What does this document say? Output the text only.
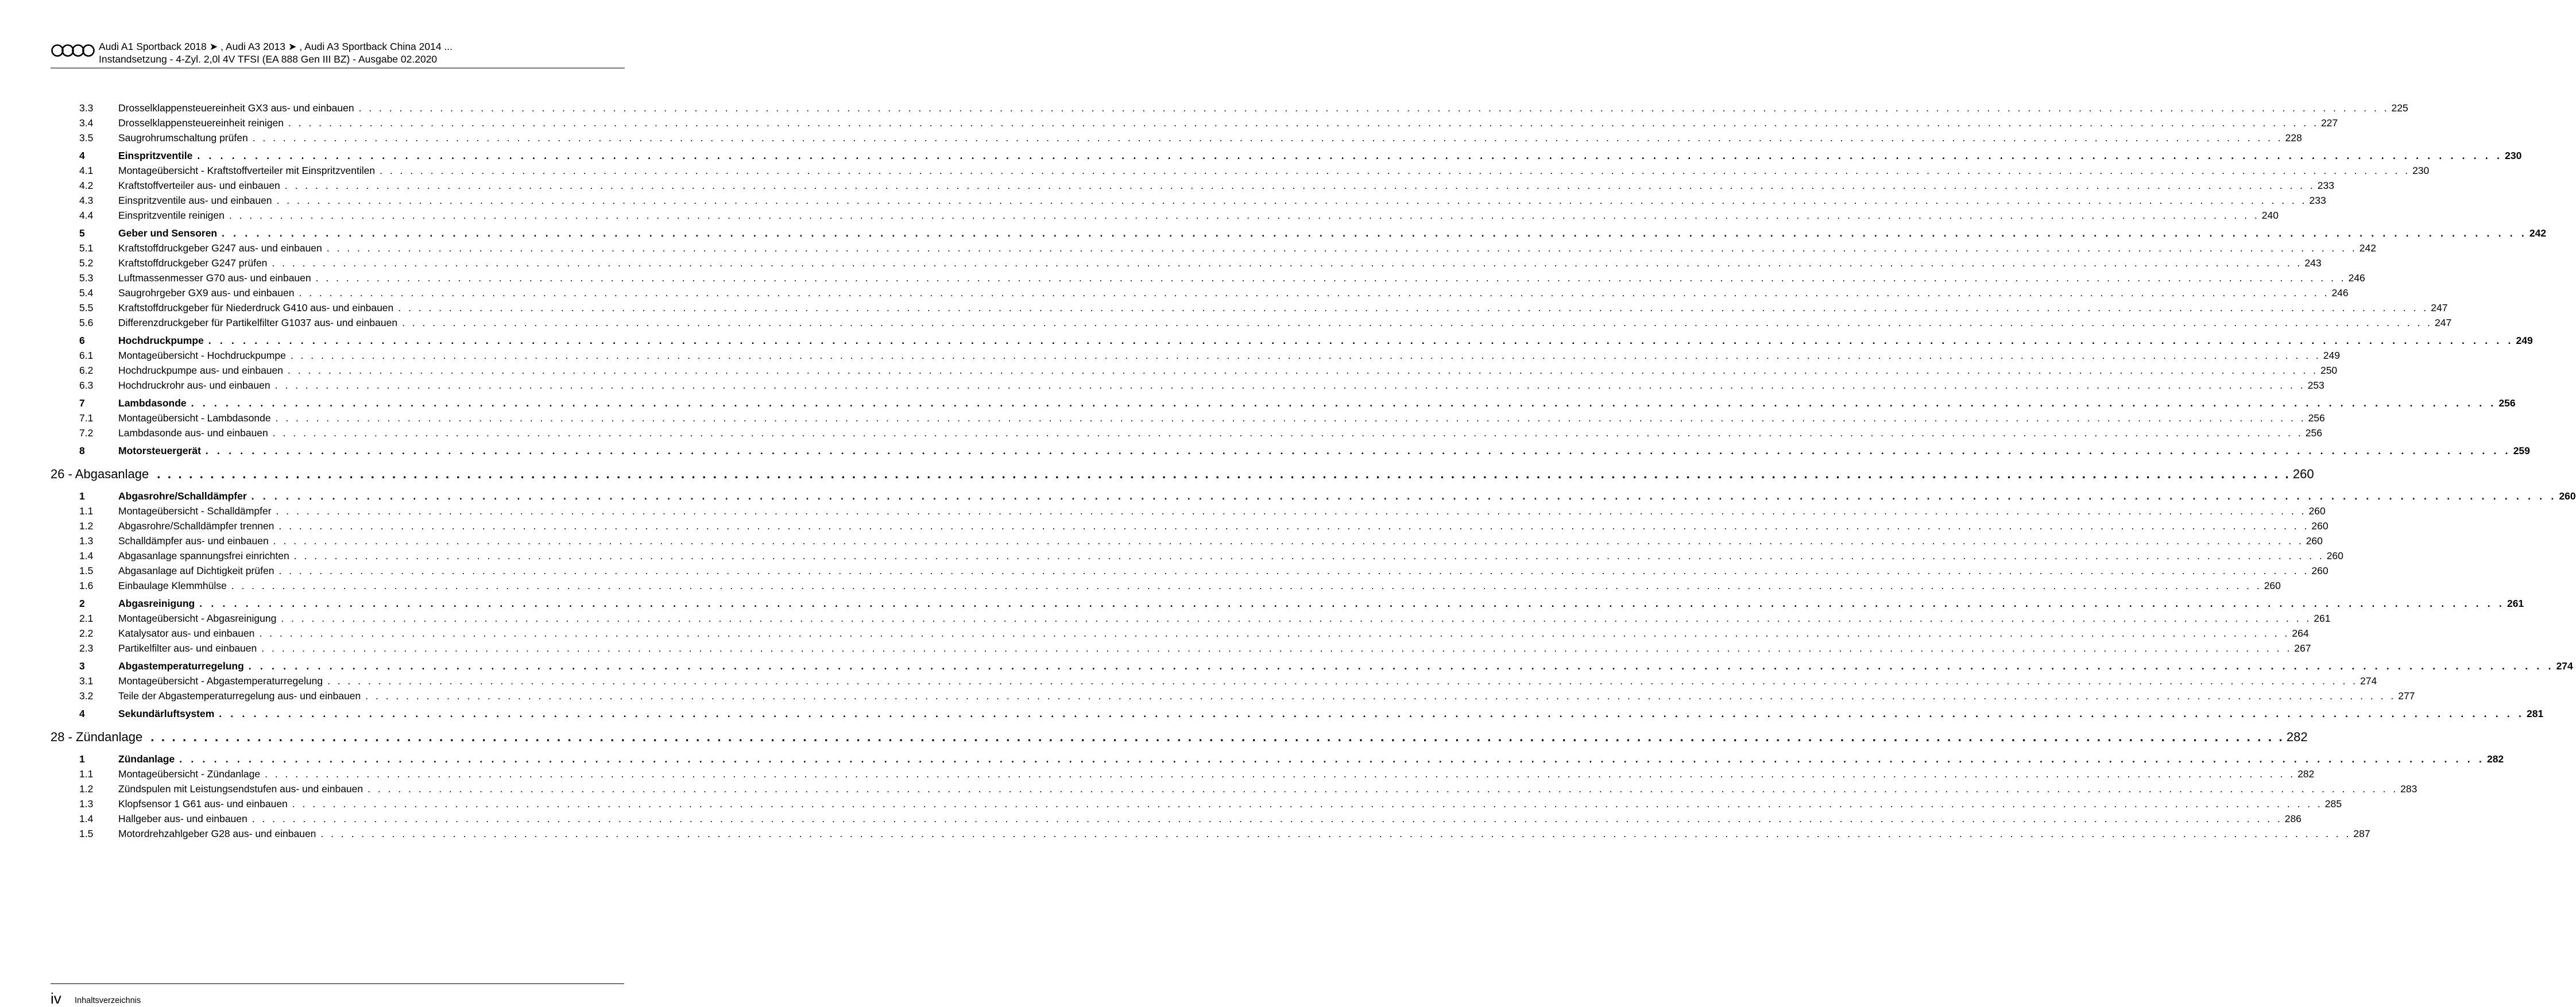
Audi A1 Sportback 2018 ➤ , Audi A3 2013 ➤ , Audi A3 Sportback China 2014 ...
Instandsetzung - 4-Zyl. 2,0l 4V TFSI (EA 888 Gen III BZ) - Ausgabe 02.2020
3.3 Drosselklappensteuereinheit GX3 aus- und einbauen . . . . . . . . . . . . . . . . . . . . . . . . . . . . . . . . . . . . . . . . . . . . . . . . . . . . . . . . . . . . . . . . . . . . . . . . . . . . . . . . . . . . . . . . . . . . . . . . . . . . . . . . . . . . . . . . . . . . . . . . . . . . . . . . . . . . . . . . . . . . . . . . . . . . . . . . . . . . . . . . . . . . . . . . . . . . . . . . . . . . . . . . . . . . . . . . . . . . . . . . 225
3.4 Drosselklappensteuereinheit reinigen . . . . . . . . . . . . . . . . . . . . . . . . . . . . . . . . . . . . . . . . . . . . . . . . . . . . . . . . . . . . . . . . . . . . . . . . . . . . . . . . . . . . . . . . . . . . . . . . . . . . . . . . . . . . . . . . . . . . . . . . . . . . . . . . . . . . . . . . . . . . . . . . . . . . . . . . . . . . . . . . . . . . . . . . . . . . . . . . . . . . . . . . . . . . . . . . . . . . . . . . 227
3.5 Saugrohrumschaltung prüfen . . . . . . . . . . . . . . . . . . . . . . . . . . . . . . . . . . . . . . . . . . . . . . . . . . . . . . . . . . . . . . . . . . . . . . . . . . . . . . . . . . . . . . . . . . . . . . . . . . . . . . . . . . . . . . . . . . . . . . . . . . . . . . . . . . . . . . . . . . . . . . . . . . . . . . . . . . . . . . . . . . . . . . . . . . . . . . . . . . . . . . . . . . . . . . . . . . . . . . . . 228
4	Einspritzventile . . . . . . . . . . . . . . . . . . . . . . . . . . . . . . . . . . . . . . . . . . . . . . . . . . . . . . . . . . . . . . . . . . . . . . . . . . . . . . . . . . . . . . . . . . . . . . . . . . . . . . . . . . . . . . . . . . . . . . . . . . . . . . . . . . . . . . . . . . . . . . . . . . . . . . . . . . . . . . . . . . . . . . . . . . . . . . . . . . . . . . . . . . . . . . . . . . . . . . . . 230
4.1 Montageübersicht - Kraftstoffverteiler mit Einspritzventilen . . . . . . . . . . . . . . . . . . . . . . . . . . . . . . . . . . . . . . . . . . . . . . . . . . . . . . . . . . . . . . . . . . . . . . . . . . . . . . . . . . . . . . . . . . . . . . . . . . . . . . . . . . . . . . . . . . . . . . . . . . . . . . . . . . . . . . . . . . . . . . . . . . . . . . . . . . . . . . . . . . . . . . . . . . . . . . . . . . . . . . . . . . . . . . . . . . . . . . . . 230
4.2 Kraftstoffverteiler aus- und einbauen . . . . . . . . . . . . . . . . . . . . . . . . . . . . . . . . . . . . . . . . . . . . . . . . . . . . . . . . . . . . . . . . . . . . . . . . . . . . . . . . . . . . . . . . . . . . . . . . . . . . . . . . . . . . . . . . . . . . . . . . . . . . . . . . . . . . . . . . . . . . . . . . . . . . . . . . . . . . . . . . . . . . . . . . . . . . . . . . . . . . . . . . . . . . . . . . . . . . . . . . 233
4.3 Einspritzventile aus- und einbauen . . . . . . . . . . . . . . . . . . . . . . . . . . . . . . . . . . . . . . . . . . . . . . . . . . . . . . . . . . . . . . . . . . . . . . . . . . . . . . . . . . . . . . . . . . . . . . . . . . . . . . . . . . . . . . . . . . . . . . . . . . . . . . . . . . . . . . . . . . . . . . . . . . . . . . . . . . . . . . . . . . . . . . . . . . . . . . . . . . . . . . . . . . . . . . . . . . . . . . . . 233
4.4 Einspritzventile reinigen . . . . . . . . . . . . . . . . . . . . . . . . . . . . . . . . . . . . . . . . . . . . . . . . . . . . . . . . . . . . . . . . . . . . . . . . . . . . . . . . . . . . . . . . . . . . . . . . . . . . . . . . . . . . . . . . . . . . . . . . . . . . . . . . . . . . . . . . . . . . . . . . . . . . . . . . . . . . . . . . . . . . . . . . . . . . . . . . . . . . . . . . . . . . . . . . . . . . . . . . 240
5	Geber und Sensoren . . . . . . . . . . . . . . . . . . . . . . . . . . . . . . . . . . . . . . . . . . . . . . . . . . . . . . . . . . . . . . . . . . . . . . . . . . . . . . . . . . . . . . . . . . . . . . . . . . . . . . . . . . . . . . . . . . . . . . . . . . . . . . . . . . . . . . . . . . . . . . . . . . . . . . . . . . . . . . . . . . . . . . . . . . . . . . . . . . . . . . . . . . . . . . . . . . . . . . . . 242
5.1 Kraftstoffdruckgeber G247 aus- und einbauen . . . . . . . . . . . . . . . . . . . . . . . . . . . . . . . . . . . . . . . . . . . . . . . . . . . . . . . . . . . . . . . . . . . . . . . . . . . . . . . . . . . . . . . . . . . . . . . . . . . . . . . . . . . . . . . . . . . . . . . . . . . . . . . . . . . . . . . . . . . . . . . . . . . . . . . . . . . . . . . . . . . . . . . . . . . . . . . . . . . . . . . . . . . . . . . . . . . . . . . . 242
5.2 Kraftstoffdruckgeber G247 prüfen . . . . . . . . . . . . . . . . . . . . . . . . . . . . . . . . . . . . . . . . . . . . . . . . . . . . . . . . . . . . . . . . . . . . . . . . . . . . . . . . . . . . . . . . . . . . . . . . . . . . . . . . . . . . . . . . . . . . . . . . . . . . . . . . . . . . . . . . . . . . . . . . . . . . . . . . . . . . . . . . . . . . . . . . . . . . . . . . . . . . . . . . . . . . . . . . . . . . . . . . 243
5.3 Luftmassenmesser G70 aus- und einbauen . . . . . . . . . . . . . . . . . . . . . . . . . . . . . . . . . . . . . . . . . . . . . . . . . . . . . . . . . . . . . . . . . . . . . . . . . . . . . . . . . . . . . . . . . . . . . . . . . . . . . . . . . . . . . . . . . . . . . . . . . . . . . . . . . . . . . . . . . . . . . . . . . . . . . . . . . . . . . . . . . . . . . . . . . . . . . . . . . . . . . . . . . . . . . . . . . . . . . . . . 246
5.4 Saugrohrgeber GX9 aus- und einbauen . . . . . . . . . . . . . . . . . . . . . . . . . . . . . . . . . . . . . . . . . . . . . . . . . . . . . . . . . . . . . . . . . . . . . . . . . . . . . . . . . . . . . . . . . . . . . . . . . . . . . . . . . . . . . . . . . . . . . . . . . . . . . . . . . . . . . . . . . . . . . . . . . . . . . . . . . . . . . . . . . . . . . . . . . . . . . . . . . . . . . . . . . . . . . . . . . . . . . . . . 246
5.5 Kraftstoffdruckgeber für Niederdruck G410 aus- und einbauen . . . . . . . . . . . . . . . . . . . . . . . . . . . . . . . . . . . . . . . . . . . . . . . . . . . . . . . . . . . . . . . . . . . . . . . . . . . . . . . . . . . . . . . . . . . . . . . . . . . . . . . . . . . . . . . . . . . . . . . . . . . . . . . . . . . . . . . . . . . . . . . . . . . . . . . . . . . . . . . . . . . . . . . . . . . . . . . . . . . . . . . . . . . . . . . . . . . . . . . . 247
5.6 Differenzdruckgeber für Partikelfilter G1037 aus- und einbauen . . . . . . . . . . . . . . . . . . . . . . . . . . . . . . . . . . . . . . . . . . . . . . . . . . . . . . . . . . . . . . . . . . . . . . . . . . . . . . . . . . . . . . . . . . . . . . . . . . . . . . . . . . . . . . . . . . . . . . . . . . . . . . . . . . . . . . . . . . . . . . . . . . . . . . . . . . . . . . . . . . . . . . . . . . . . . . . . . . . . . . . . . . . . . . . . . . . . . . . . 247
6	Hochdruckpumpe . . . . . . . . . . . . . . . . . . . . . . . . . . . . . . . . . . . . . . . . . . . . . . . . . . . . . . . . . . . . . . . . . . . . . . . . . . . . . . . . . . . . . . . . . . . . . . . . . . . . . . . . . . . . . . . . . . . . . . . . . . . . . . . . . . . . . . . . . . . . . . . . . . . . . . . . . . . . . . . . . . . . . . . . . . . . . . . . . . . . . . . . . . . . . . . . . . . . . . . . 249
6.1 Montageübersicht - Hochdruckpumpe . . . . . . . . . . . . . . . . . . . . . . . . . . . . . . . . . . . . . . . . . . . . . . . . . . . . . . . . . . . . . . . . . . . . . . . . . . . . . . . . . . . . . . . . . . . . . . . . . . . . . . . . . . . . . . . . . . . . . . . . . . . . . . . . . . . . . . . . . . . . . . . . . . . . . . . . . . . . . . . . . . . . . . . . . . . . . . . . . . . . . . . . . . . . . . . . . . . . . . . . 249
6.2 Hochdruckpumpe aus- und einbauen . . . . . . . . . . . . . . . . . . . . . . . . . . . . . . . . . . . . . . . . . . . . . . . . . . . . . . . . . . . . . . . . . . . . . . . . . . . . . . . . . . . . . . . . . . . . . . . . . . . . . . . . . . . . . . . . . . . . . . . . . . . . . . . . . . . . . . . . . . . . . . . . . . . . . . . . . . . . . . . . . . . . . . . . . . . . . . . . . . . . . . . . . . . . . . . . . . . . . . . . 250
6.3 Hochdruckrohr aus- und einbauen . . . . . . . . . . . . . . . . . . . . . . . . . . . . . . . . . . . . . . . . . . . . . . . . . . . . . . . . . . . . . . . . . . . . . . . . . . . . . . . . . . . . . . . . . . . . . . . . . . . . . . . . . . . . . . . . . . . . . . . . . . . . . . . . . . . . . . . . . . . . . . . . . . . . . . . . . . . . . . . . . . . . . . . . . . . . . . . . . . . . . . . . . . . . . . . . . . . . . . . . 253
7	Lambdasonde . . . . . . . . . . . . . . . . . . . . . . . . . . . . . . . . . . . . . . . . . . . . . . . . . . . . . . . . . . . . . . . . . . . . . . . . . . . . . . . . . . . . . . . . . . . . . . . . . . . . . . . . . . . . . . . . . . . . . . . . . . . . . . . . . . . . . . . . . . . . . . . . . . . . . . . . . . . . . . . . . . . . . . . . . . . . . . . . . . . . . . . . . . . . . . . . . . . . . . . . 256
7.1 Montageübersicht - Lambdasonde . . . . . . . . . . . . . . . . . . . . . . . . . . . . . . . . . . . . . . . . . . . . . . . . . . . . . . . . . . . . . . . . . . . . . . . . . . . . . . . . . . . . . . . . . . . . . . . . . . . . . . . . . . . . . . . . . . . . . . . . . . . . . . . . . . . . . . . . . . . . . . . . . . . . . . . . . . . . . . . . . . . . . . . . . . . . . . . . . . . . . . . . . . . . . . . . . . . . . . . . 256
7.2 Lambdasonde aus- und einbauen . . . . . . . . . . . . . . . . . . . . . . . . . . . . . . . . . . . . . . . . . . . . . . . . . . . . . . . . . . . . . . . . . . . . . . . . . . . . . . . . . . . . . . . . . . . . . . . . . . . . . . . . . . . . . . . . . . . . . . . . . . . . . . . . . . . . . . . . . . . . . . . . . . . . . . . . . . . . . . . . . . . . . . . . . . . . . . . . . . . . . . . . . . . . . . . . . . . . . . . . 256
8	Motorsteuergerät . . . . . . . . . . . . . . . . . . . . . . . . . . . . . . . . . . . . . . . . . . . . . . . . . . . . . . . . . . . . . . . . . . . . . . . . . . . . . . . . . . . . . . . . . . . . . . . . . . . . . . . . . . . . . . . . . . . . . . . . . . . . . . . . . . . . . . . . . . . . . . . . . . . . . . . . . . . . . . . . . . . . . . . . . . . . . . . . . . . . . . . . . . . . . . . . . . . . . . . . 259
26 - Abgasanlage . . . . . . . . . . . . . . . . . . . . . . . . . . . . . . . . . . . . . . . . . . . . . . . . . . . . . . . . . . . . . . . . . . . . . . . . . . . . . . . . . . . . . . . . . . . . . . . . . . . . . . . . . . . . . . . . . . . . . . . . . . . . . . . . . . . . . . . . . . . . . . . . . . . . . . . . . . . . . . . . . . . . . . . . . . . . . . . . . . . . . . . . . . . . . . . . . . . . . . . . 260
1	Abgasrohre/Schalldämpfer . . . . . . . . . . . . . . . . . . . . . . . . . . . . . . . . . . . . . . . . . . . . . . . . . . . . . . . . . . . . . . . . . . . . . . . . . . . . . . . . . . . . . . . . . . . . . . . . . . . . . . . . . . . . . . . . . . . . . . . . . . . . . . . . . . . . . . . . . . . . . . . . . . . . . . . . . . . . . . . . . . . . . . . . . . . . . . . . . . . . . . . . . . . . . . . . . . . . . . . . 260
1.1 Montageübersicht - Schalldämpfer . . . . . . . . . . . . . . . . . . . . . . . . . . . . . . . . . . . . . . . . . . . . . . . . . . . . . . . . . . . . . . . . . . . . . . . . . . . . . . . . . . . . . . . . . . . . . . . . . . . . . . . . . . . . . . . . . . . . . . . . . . . . . . . . . . . . . . . . . . . . . . . . . . . . . . . . . . . . . . . . . . . . . . . . . . . . . . . . . . . . . . . . . . . . . . . . . . . . . . . . 260
1.2 Abgasrohre/Schalldämpfer trennen . . . . . . . . . . . . . . . . . . . . . . . . . . . . . . . . . . . . . . . . . . . . . . . . . . . . . . . . . . . . . . . . . . . . . . . . . . . . . . . . . . . . . . . . . . . . . . . . . . . . . . . . . . . . . . . . . . . . . . . . . . . . . . . . . . . . . . . . . . . . . . . . . . . . . . . . . . . . . . . . . . . . . . . . . . . . . . . . . . . . . . . . . . . . . . . . . . . . . . . . 260
1.3 Schalldämpfer aus- und einbauen . . . . . . . . . . . . . . . . . . . . . . . . . . . . . . . . . . . . . . . . . . . . . . . . . . . . . . . . . . . . . . . . . . . . . . . . . . . . . . . . . . . . . . . . . . . . . . . . . . . . . . . . . . . . . . . . . . . . . . . . . . . . . . . . . . . . . . . . . . . . . . . . . . . . . . . . . . . . . . . . . . . . . . . . . . . . . . . . . . . . . . . . . . . . . . . . . . . . . . . . 260
1.4 Abgasanlage spannungsfrei einrichten . . . . . . . . . . . . . . . . . . . . . . . . . . . . . . . . . . . . . . . . . . . . . . . . . . . . . . . . . . . . . . . . . . . . . . . . . . . . . . . . . . . . . . . . . . . . . . . . . . . . . . . . . . . . . . . . . . . . . . . . . . . . . . . . . . . . . . . . . . . . . . . . . . . . . . . . . . . . . . . . . . . . . . . . . . . . . . . . . . . . . . . . . . . . . . . . . . . . . . . . 260
1.5 Abgasanlage auf Dichtigkeit prüfen . . . . . . . . . . . . . . . . . . . . . . . . . . . . . . . . . . . . . . . . . . . . . . . . . . . . . . . . . . . . . . . . . . . . . . . . . . . . . . . . . . . . . . . . . . . . . . . . . . . . . . . . . . . . . . . . . . . . . . . . . . . . . . . . . . . . . . . . . . . . . . . . . . . . . . . . . . . . . . . . . . . . . . . . . . . . . . . . . . . . . . . . . . . . . . . . . . . . . . . . 260
1.6 Einbaulage Klemmhülse . . . . . . . . . . . . . . . . . . . . . . . . . . . . . . . . . . . . . . . . . . . . . . . . . . . . . . . . . . . . . . . . . . . . . . . . . . . . . . . . . . . . . . . . . . . . . . . . . . . . . . . . . . . . . . . . . . . . . . . . . . . . . . . . . . . . . . . . . . . . . . . . . . . . . . . . . . . . . . . . . . . . . . . . . . . . . . . . . . . . . . . . . . . . . . . . . . . . . . . . 260
2	Abgasreinigung . . . . . . . . . . . . . . . . . . . . . . . . . . . . . . . . . . . . . . . . . . . . . . . . . . . . . . . . . . . . . . . . . . . . . . . . . . . . . . . . . . . . . . . . . . . . . . . . . . . . . . . . . . . . . . . . . . . . . . . . . . . . . . . . . . . . . . . . . . . . . . . . . . . . . . . . . . . . . . . . . . . . . . . . . . . . . . . . . . . . . . . . . . . . . . . . . . . . . . . . 261
2.1 Montageübersicht - Abgasreinigung . . . . . . . . . . . . . . . . . . . . . . . . . . . . . . . . . . . . . . . . . . . . . . . . . . . . . . . . . . . . . . . . . . . . . . . . . . . . . . . . . . . . . . . . . . . . . . . . . . . . . . . . . . . . . . . . . . . . . . . . . . . . . . . . . . . . . . . . . . . . . . . . . . . . . . . . . . . . . . . . . . . . . . . . . . . . . . . . . . . . . . . . . . . . . . . . . . . . . . . . 261
2.2 Katalysator aus- und einbauen . . . . . . . . . . . . . . . . . . . . . . . . . . . . . . . . . . . . . . . . . . . . . . . . . . . . . . . . . . . . . . . . . . . . . . . . . . . . . . . . . . . . . . . . . . . . . . . . . . . . . . . . . . . . . . . . . . . . . . . . . . . . . . . . . . . . . . . . . . . . . . . . . . . . . . . . . . . . . . . . . . . . . . . . . . . . . . . . . . . . . . . . . . . . . . . . . . . . . . . . 264
2.3 Partikelfilter aus- und einbauen . . . . . . . . . . . . . . . . . . . . . . . . . . . . . . . . . . . . . . . . . . . . . . . . . . . . . . . . . . . . . . . . . . . . . . . . . . . . . . . . . . . . . . . . . . . . . . . . . . . . . . . . . . . . . . . . . . . . . . . . . . . . . . . . . . . . . . . . . . . . . . . . . . . . . . . . . . . . . . . . . . . . . . . . . . . . . . . . . . . . . . . . . . . . . . . . . . . . . . . . 267
3	Abgastemperaturregelung . . . . . . . . . . . . . . . . . . . . . . . . . . . . . . . . . . . . . . . . . . . . . . . . . . . . . . . . . . . . . . . . . . . . . . . . . . . . . . . . . . . . . . . . . . . . . . . . . . . . . . . . . . . . . . . . . . . . . . . . . . . . . . . . . . . . . . . . . . . . . . . . . . . . . . . . . . . . . . . . . . . . . . . . . . . . . . . . . . . . . . . . . . . . . . . . . . . . . . . . 274
3.1 Montageübersicht - Abgastemperaturregelung . . . . . . . . . . . . . . . . . . . . . . . . . . . . . . . . . . . . . . . . . . . . . . . . . . . . . . . . . . . . . . . . . . . . . . . . . . . . . . . . . . . . . . . . . . . . . . . . . . . . . . . . . . . . . . . . . . . . . . . . . . . . . . . . . . . . . . . . . . . . . . . . . . . . . . . . . . . . . . . . . . . . . . . . . . . . . . . . . . . . . . . . . . . . . . . . . . . . . . . . 274
3.2 Teile der Abgastemperaturregelung aus- und einbauen . . . . . . . . . . . . . . . . . . . . . . . . . . . . . . . . . . . . . . . . . . . . . . . . . . . . . . . . . . . . . . . . . . . . . . . . . . . . . . . . . . . . . . . . . . . . . . . . . . . . . . . . . . . . . . . . . . . . . . . . . . . . . . . . . . . . . . . . . . . . . . . . . . . . . . . . . . . . . . . . . . . . . . . . . . . . . . . . . . . . . . . . . . . . . . . . . . . . . . . . 277
4	Sekundärluftsystem . . . . . . . . . . . . . . . . . . . . . . . . . . . . . . . . . . . . . . . . . . . . . . . . . . . . . . . . . . . . . . . . . . . . . . . . . . . . . . . . . . . . . . . . . . . . . . . . . . . . . . . . . . . . . . . . . . . . . . . . . . . . . . . . . . . . . . . . . . . . . . . . . . . . . . . . . . . . . . . . . . . . . . . . . . . . . . . . . . . . . . . . . . . . . . . . . . . . . . . . 281
28 - Zündanlage . . . . . . . . . . . . . . . . . . . . . . . . . . . . . . . . . . . . . . . . . . . . . . . . . . . . . . . . . . . . . . . . . . . . . . . . . . . . . . . . . . . . . . . . . . . . . . . . . . . . . . . . . . . . . . . . . . . . . . . . . . . . . . . . . . . . . . . . . . . . . . . . . . . . . . . . . . . . . . . . . . . . . . . . . . . . . . . . . . . . . . . . . . . . . . . . . . . . . . . . 282
1	Zündanlage . . . . . . . . . . . . . . . . . . . . . . . . . . . . . . . . . . . . . . . . . . . . . . . . . . . . . . . . . . . . . . . . . . . . . . . . . . . . . . . . . . . . . . . . . . . . . . . . . . . . . . . . . . . . . . . . . . . . . . . . . . . . . . . . . . . . . . . . . . . . . . . . . . . . . . . . . . . . . . . . . . . . . . . . . . . . . . . . . . . . . . . . . . . . . . . . . . . . . . . . 282
1.1 Montageübersicht - Zündanlage . . . . . . . . . . . . . . . . . . . . . . . . . . . . . . . . . . . . . . . . . . . . . . . . . . . . . . . . . . . . . . . . . . . . . . . . . . . . . . . . . . . . . . . . . . . . . . . . . . . . . . . . . . . . . . . . . . . . . . . . . . . . . . . . . . . . . . . . . . . . . . . . . . . . . . . . . . . . . . . . . . . . . . . . . . . . . . . . . . . . . . . . . . . . . . . . . . . . . . . . 282
1.2 Zündspulen mit Leistungsendstufen aus- und einbauen . . . . . . . . . . . . . . . . . . . . . . . . . . . . . . . . . . . . . . . . . . . . . . . . . . . . . . . . . . . . . . . . . . . . . . . . . . . . . . . . . . . . . . . . . . . . . . . . . . . . . . . . . . . . . . . . . . . . . . . . . . . . . . . . . . . . . . . . . . . . . . . . . . . . . . . . . . . . . . . . . . . . . . . . . . . . . . . . . . . . . . . . . . . . . . . . . . . . . . . . 283
1.3 Klopfsensor 1 G61 aus- und einbauen . . . . . . . . . . . . . . . . . . . . . . . . . . . . . . . . . . . . . . . . . . . . . . . . . . . . . . . . . . . . . . . . . . . . . . . . . . . . . . . . . . . . . . . . . . . . . . . . . . . . . . . . . . . . . . . . . . . . . . . . . . . . . . . . . . . . . . . . . . . . . . . . . . . . . . . . . . . . . . . . . . . . . . . . . . . . . . . . . . . . . . . . . . . . . . . . . . . . . . . . 285
1.4 Hallgeber aus- und einbauen . . . . . . . . . . . . . . . . . . . . . . . . . . . . . . . . . . . . . . . . . . . . . . . . . . . . . . . . . . . . . . . . . . . . . . . . . . . . . . . . . . . . . . . . . . . . . . . . . . . . . . . . . . . . . . . . . . . . . . . . . . . . . . . . . . . . . . . . . . . . . . . . . . . . . . . . . . . . . . . . . . . . . . . . . . . . . . . . . . . . . . . . . . . . . . . . . . . . . . . . 286
1.5 Motordrehzahlgeber G28 aus- und einbauen . . . . . . . . . . . . . . . . . . . . . . . . . . . . . . . . . . . . . . . . . . . . . . . . . . . . . . . . . . . . . . . . . . . . . . . . . . . . . . . . . . . . . . . . . . . . . . . . . . . . . . . . . . . . . . . . . . . . . . . . . . . . . . . . . . . . . . . . . . . . . . . . . . . . . . . . . . . . . . . . . . . . . . . . . . . . . . . . . . . . . . . . . . . . . . . . . . . . . . . . 287
iv Inhaltsverzeichnis
